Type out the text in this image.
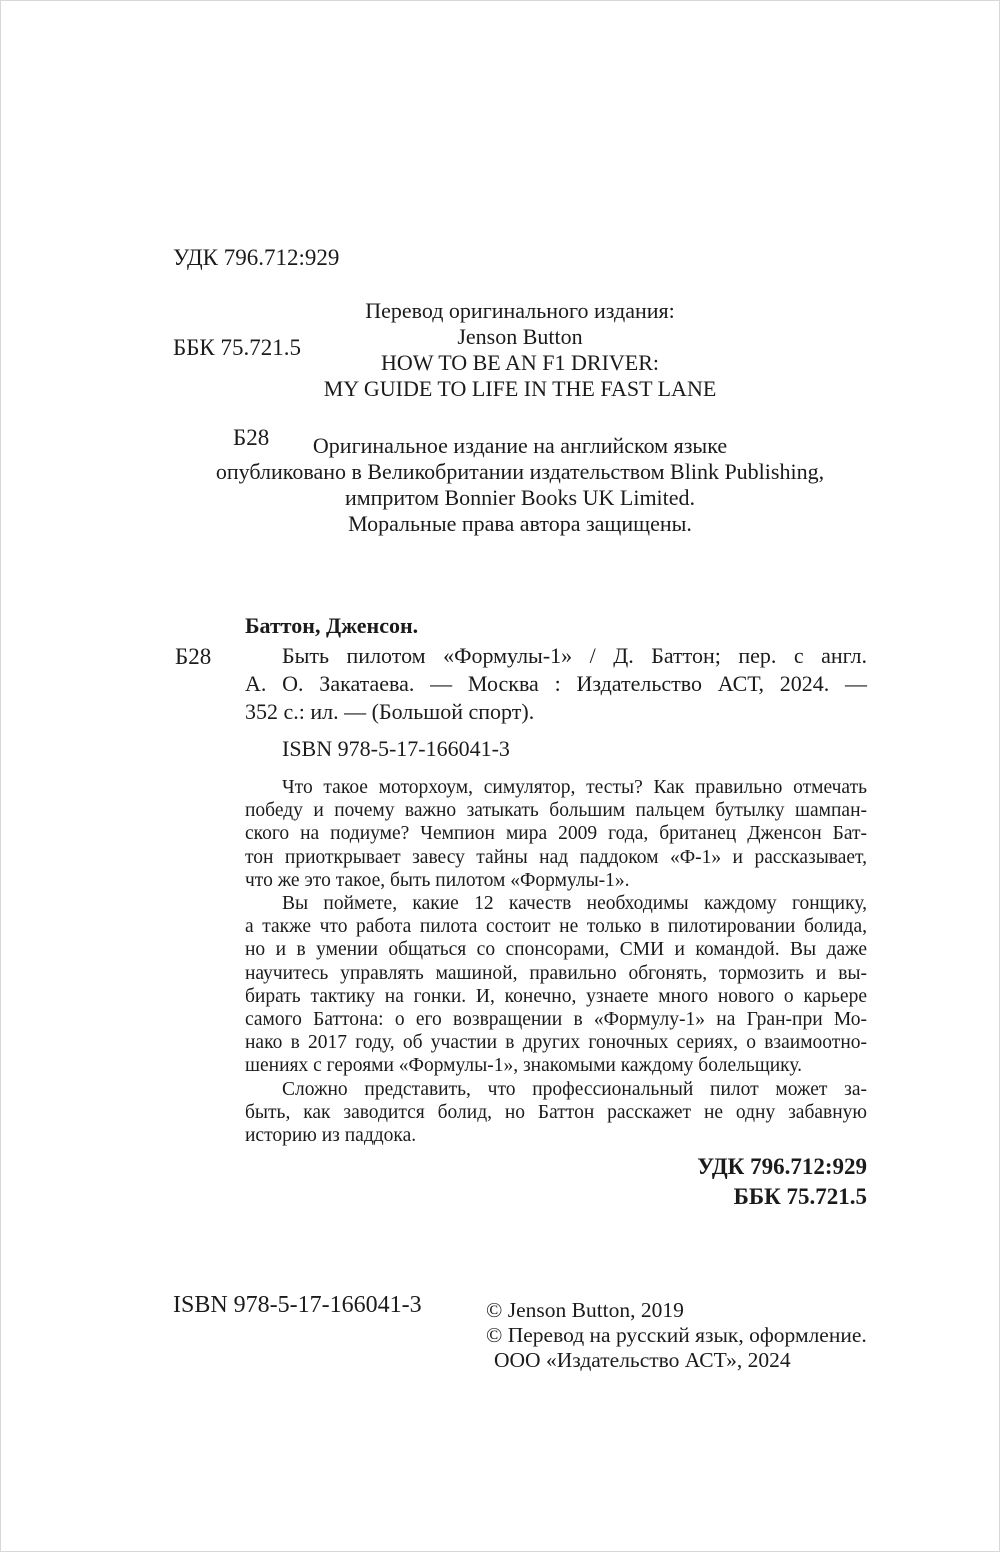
УДК 796.712:929

ББК 75.721.5

Б28

Перевод оригинального издания:
Jenson Button
HOW TO BE AN F1 DRIVER:
MY GUIDE TO LIFE IN THE FAST LANE
Оригинальное издание на английском языке
опубликовано в Великобритании издательством Blink Publishing,
импритом Bonnier Books UK Limited.
Моральные права автора защищены.
Баттон, Дженсон.
Б28	Быть пилотом «Формулы-1» / Д. Баттон; пер. с англ.
А. О. Закатаева. — Москва : Издательство АСТ, 2024. —
352 с.: ил. — (Большой спорт).
ISBN 978-5-17-166041-3
Что такое моторхоум, симулятор, тесты? Как правильно отмечать
победу и почему важно затыкать большим пальцем бутылку шампан-
ского на подиуме? Чемпион мира 2009 года, британец Дженсон Бат-
тон приоткрывает завесу тайны над паддоком «Ф-1» и рассказывает,
что же это такое, быть пилотом «Формулы-1».
Вы поймете, какие 12 качеств необходимы каждому гонщику,
а также что работа пилота состоит не только в пилотировании болида,
но и в умении общаться со спонсорами, СМИ и командой. Вы даже
научитесь управлять машиной, правильно обгонять, тормозить и вы-
бирать тактику на гонки. И, конечно, узнаете много нового о карьере
самого Баттона: о его возвращении в «Формулу-1» на Гран-при Мо-
нако в 2017 году, об участии в других гоночных сериях, о взаимоотно-
шениях с героями «Формулы-1», знакомыми каждому болельщику.
Сложно представить, что профессиональный пилот может за-
быть, как заводится болид, но Баттон расскажет не одну забавную
историю из паддока.
УДК 796.712:929
ББК 75.721.5
ISBN 978-5-17-166041-3	© Jenson Button, 2019
© Перевод на русский язык, оформление.
ООО «Издательство АСТ», 2024
